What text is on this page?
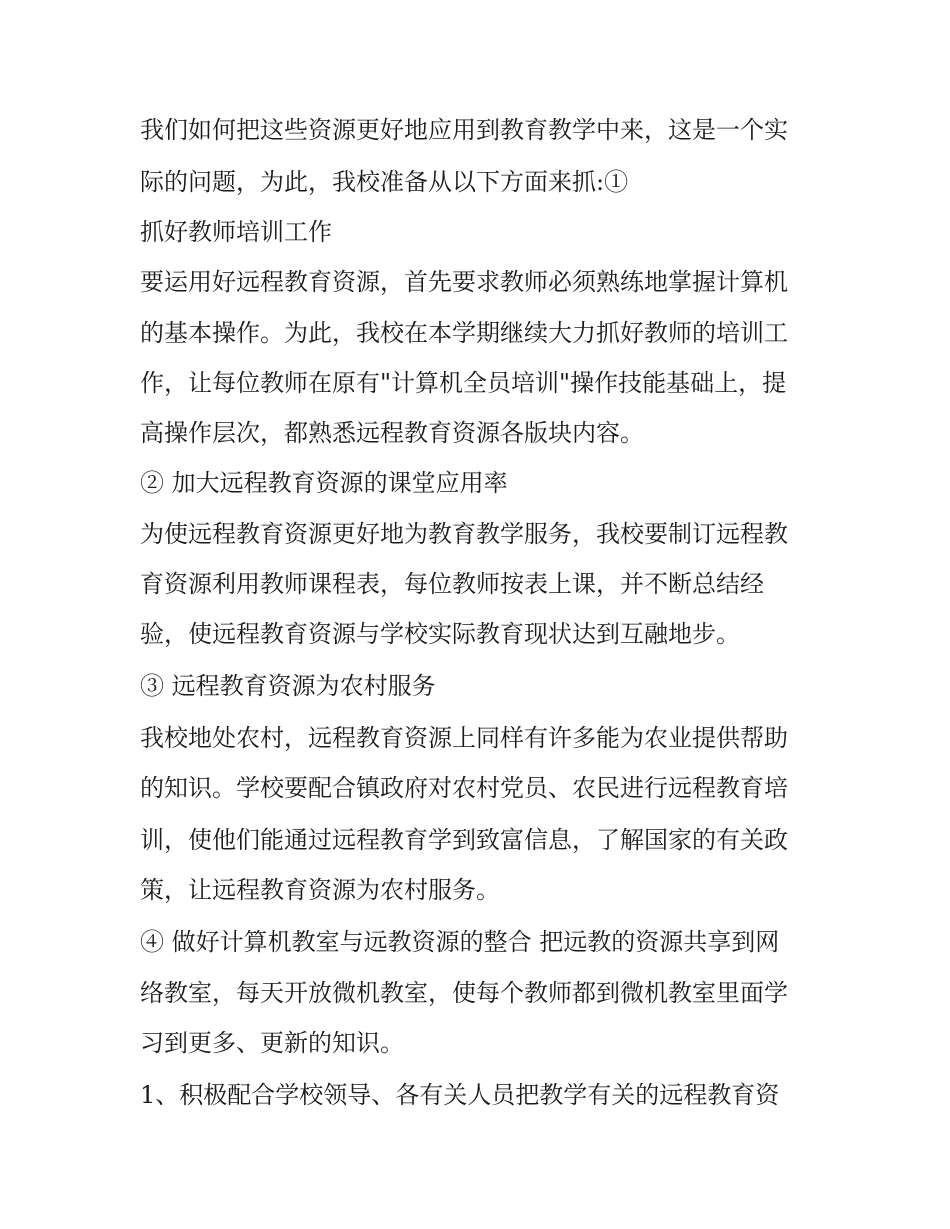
我们如何把这些资源更好地应用到教育教学中来，这是一个实
际的问题，为此，我校准备从以下方面来抓:①
抓好教师培训工作
要运用好远程教育资源，首先要求教师必须熟练地掌握计算机
的基本操作。为此，我校在本学期继续大力抓好教师的培训工
作，让每位教师在原有"计算机全员培训"操作技能基础上，提
高操作层次，都熟悉远程教育资源各版块内容。
② 加大远程教育资源的课堂应用率
为使远程教育资源更好地为教育教学服务，我校要制订远程教
育资源利用教师课程表，每位教师按表上课，并不断总结经
验，使远程教育资源与学校实际教育现状达到互融地步。
③ 远程教育资源为农村服务
我校地处农村，远程教育资源上同样有许多能为农业提供帮助
的知识。学校要配合镇政府对农村党员、农民进行远程教育培
训，使他们能通过远程教育学到致富信息，了解国家的有关政
策，让远程教育资源为农村服务。
④ 做好计算机教室与远教资源的整合 把远教的资源共享到网
络教室，每天开放微机教室，使每个教师都到微机教室里面学
习到更多、更新的知识。
1、积极配合学校领导、各有关人员把教学有关的远程教育资
